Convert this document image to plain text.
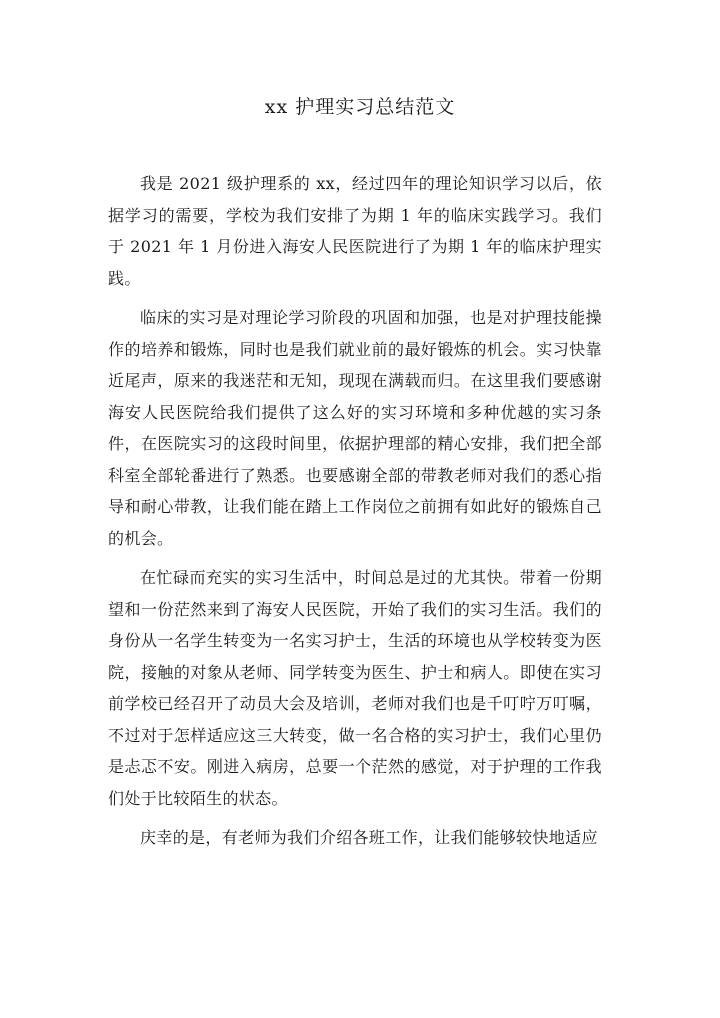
xx 护理实习总结范文

我是 2021 级护理系的 xx，经过四年的理论知识学习以后，依据学习的需要，学校为我们安排了为期 1 年的临床实践学习。我们于 2021 年 1 月份进入海安人民医院进行了为期 1 年的临床护理实践。

临床的实习是对理论学习阶段的巩固和加强，也是对护理技能操作的培养和锻炼，同时也是我们就业前的最好锻炼的机会。实习快靠近尾声，原来的我迷茫和无知，现现在满载而归。在这里我们要感谢海安人民医院给我们提供了这么好的实习环境和多种优越的实习条件，在医院实习的这段时间里，依据护理部的精心安排，我们把全部科室全部轮番进行了熟悉。也要感谢全部的带教老师对我们的悉心指导和耐心带教，让我们能在踏上工作岗位之前拥有如此好的锻炼自己的机会。

在忙碌而充实的实习生活中，时间总是过的尤其快。带着一份期望和一份茫然来到了海安人民医院，开始了我们的实习生活。我们的身份从一名学生转变为一名实习护士，生活的环境也从学校转变为医院，接触的对象从老师、同学转变为医生、护士和病人。即使在实习前学校已经召开了动员大会及培训，老师对我们也是千叮咛万叮嘱，不过对于怎样适应这三大转变，做一名合格的实习护士，我们心里仍是忐忑不安。刚进入病房，总要一个茫然的感觉，对于护理的工作我们处于比较陌生的状态。

庆幸的是，有老师为我们介绍各班工作，让我们能够较快地适应
